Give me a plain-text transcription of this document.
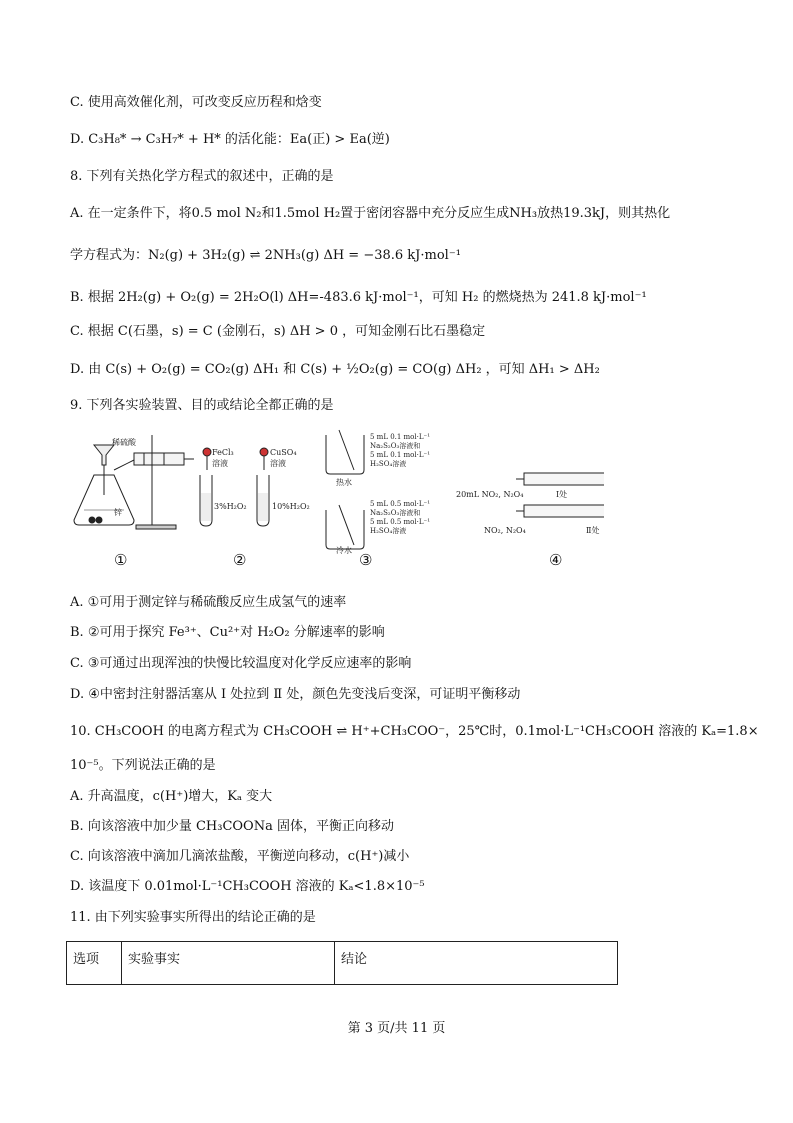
C. 使用高效催化剂，可改变反应历程和焓变
D. C₃H₈* → C₃H₇* + H* 的活化能：Ea(正) > Ea(逆)
8. 下列有关热化学方程式的叙述中，正确的是
A. 在一定条件下，将0.5 mol N₂和1.5mol H₂置于密闭容器中充分反应生成NH₃放热19.3kJ，则其热化
学方程式为：N₂(g) + 3H₂(g) ⇌ 2NH₃(g) ΔH = −38.6 kJ·mol⁻¹
B. 根据 2H₂(g) + O₂(g) = 2H₂O(l) ΔH=-483.6 kJ·mol⁻¹，可知 H₂ 的燃烧热为 241.8 kJ·mol⁻¹
C. 根据 C(石墨，s) = C (金刚石，s) ΔH > 0 ，可知金刚石比石墨稳定
D. 由 C(s) + O₂(g) = CO₂(g) ΔH₁ 和 C(s) + ½O₂(g) = CO(g) ΔH₂ ，可知 ΔH₁ > ΔH₂
9. 下列各实验装置、目的或结论全都正确的是
稀硫酸
锌
FeCl₃
溶液
3%H₂O₂
CuSO₄
溶液
10%H₂O₂
5 mL 0.1 mol·L⁻¹
Na₂S₂O₃溶液和
5 mL 0.1 mol·L⁻¹
H₂SO₄溶液
热水
5 mL 0.5 mol·L⁻¹
Na₂S₂O₃溶液和
5 mL 0.5 mol·L⁻¹
H₂SO₄溶液
冷水
20mL NO₂, N₂O₄	Ⅰ处
NO₂, N₂O₄	Ⅱ处
①	②	③	④
A. ①可用于测定锌与稀硫酸反应生成氢气的速率
B. ②可用于探究 Fe³⁺、Cu²⁺对 H₂O₂ 分解速率的影响
C. ③可通过出现浑浊的快慢比较温度对化学反应速率的影响
D. ④中密封注射器活塞从 Ⅰ 处拉到 Ⅱ 处，颜色先变浅后变深，可证明平衡移动
10. CH₃COOH 的电离方程式为 CH₃COOH ⇌ H⁺+CH₃COO⁻，25℃时，0.1mol·L⁻¹CH₃COOH 溶液的 Kₐ=1.8×
10⁻⁵。下列说法正确的是
A. 升高温度，c(H⁺)增大，Kₐ 变大
B. 向该溶液中加少量 CH₃COONa 固体，平衡正向移动
C. 向该溶液中滴加几滴浓盐酸，平衡逆向移动，c(H⁺)减小
D. 该温度下 0.01mol·L⁻¹CH₃COOH 溶液的 Kₐ<1.8×10⁻⁵
11. 由下列实验事实所得出的结论正确的是
选项	实验事实	结论
第 3 页/共 11 页
